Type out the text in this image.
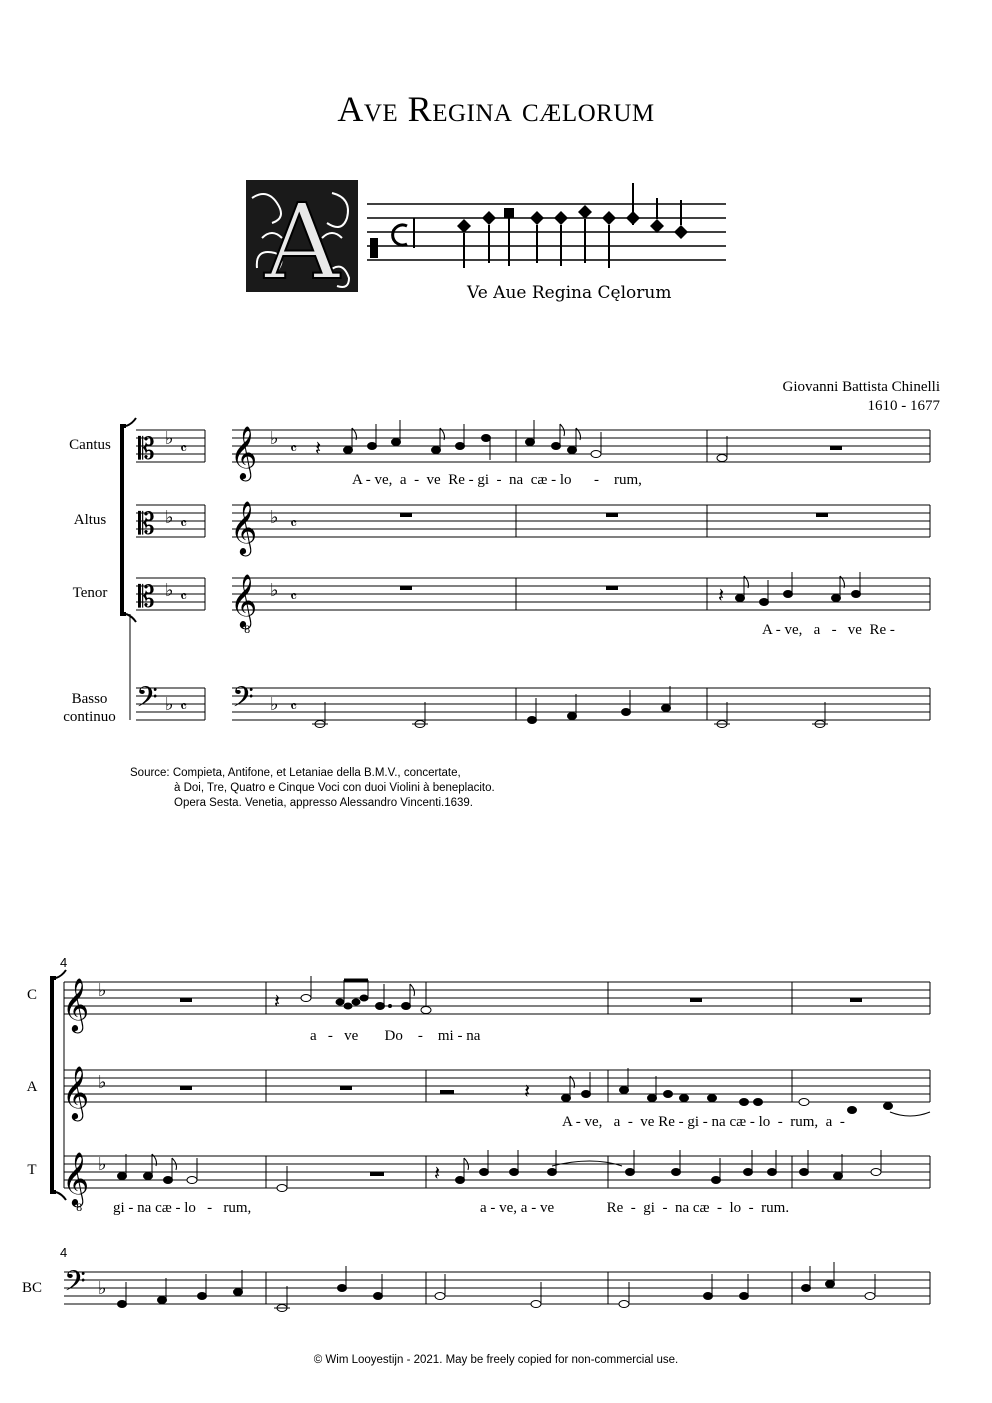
Ave Regina cælorum
A	Ve Aue Regina Cęlorum
Giovanni Battista Chinelli
1610 - 1677
Cantus
Altus
Tenor
Basso continuo
𝄡
𝄡
𝄡
𝄢
♭
♭
♭
♭
𝄴
𝄴
𝄴
𝄴
𝄞
𝄞
𝄞
8
𝄢
♭
♭
♭
♭
𝄴
𝄴
𝄴
𝄴
𝄽
𝄽
A - ve,  a  -  ve  Re - gi  -  na  cæ - lo      -    rum,
A - ve,   a   -   ve  Re -
Source: Compieta, Antifone, et Letaniae della B.M.V., concertate,
à Doi, Tre, Quatro e Cinque Voci con duoi Violini à beneplacito.
Opera Sesta. Venetia, appresso Alessandro Vincenti.1639.
4
4
C
A
T
BC
𝄞
𝄞
𝄞
8
𝄢
♭
♭
♭
♭
𝄽
𝄽
𝄽
a   -   ve       Do    -    mi - na
A - ve,   a  -  ve Re - gi - na cæ - lo  -  rum,  a  -
gi - na cæ - lo   -   rum,	a - ve, a - ve              Re  -  gi  -  na cæ  -  lo  -  rum.
© Wim Looyestijn - 2021. May be freely copied for non-commercial use.
